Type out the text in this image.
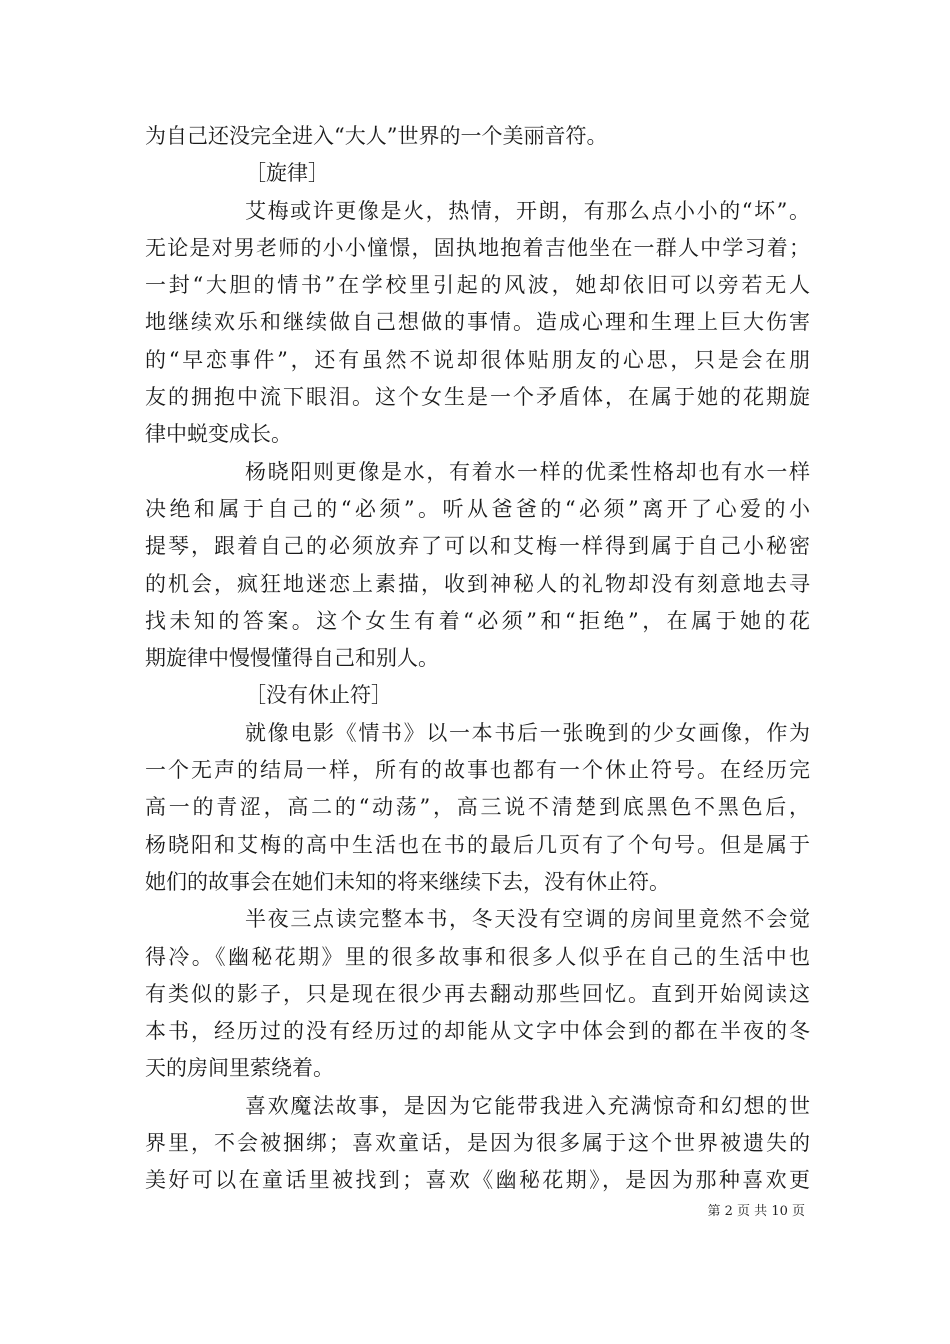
为自己还没完全进入“大人”世界的一个美丽音符。
［旋律］
艾梅或许更像是火，热情，开朗，有那么点小小的“坏”。
无论是对男老师的小小憧憬，固执地抱着吉他坐在一群人中学习着；
一封“大胆的情书”在学校里引起的风波，她却依旧可以旁若无人
地继续欢乐和继续做自己想做的事情。造成心理和生理上巨大伤害
的“早恋事件”，还有虽然不说却很体贴朋友的心思，只是会在朋
友的拥抱中流下眼泪。这个女生是一个矛盾体，在属于她的花期旋
律中蜕变成长。
杨晓阳则更像是水，有着水一样的优柔性格却也有水一样
决绝和属于自己的“必须”。听从爸爸的“必须”离开了心爱的小
提琴，跟着自己的必须放弃了可以和艾梅一样得到属于自己小秘密
的机会，疯狂地迷恋上素描，收到神秘人的礼物却没有刻意地去寻
找未知的答案。这个女生有着“必须”和“拒绝”，在属于她的花
期旋律中慢慢懂得自己和别人。
［没有休止符］
就像电影《情书》以一本书后一张晚到的少女画像，作为
一个无声的结局一样，所有的故事也都有一个休止符号。在经历完
高一的青涩，高二的“动荡”，高三说不清楚到底黑色不黑色后，
杨晓阳和艾梅的高中生活也在书的最后几页有了个句号。但是属于
她们的故事会在她们未知的将来继续下去，没有休止符。
半夜三点读完整本书，冬天没有空调的房间里竟然不会觉
得冷。《幽秘花期》里的很多故事和很多人似乎在自己的生活中也
有类似的影子，只是现在很少再去翻动那些回忆。直到开始阅读这
本书，经历过的没有经历过的却能从文字中体会到的都在半夜的冬
天的房间里萦绕着。
喜欢魔法故事，是因为它能带我进入充满惊奇和幻想的世
界里，不会被捆绑；喜欢童话，是因为很多属于这个世界被遗失的
美好可以在童话里被找到；喜欢《幽秘花期》，是因为那种喜欢更
第 2 页 共 10 页
